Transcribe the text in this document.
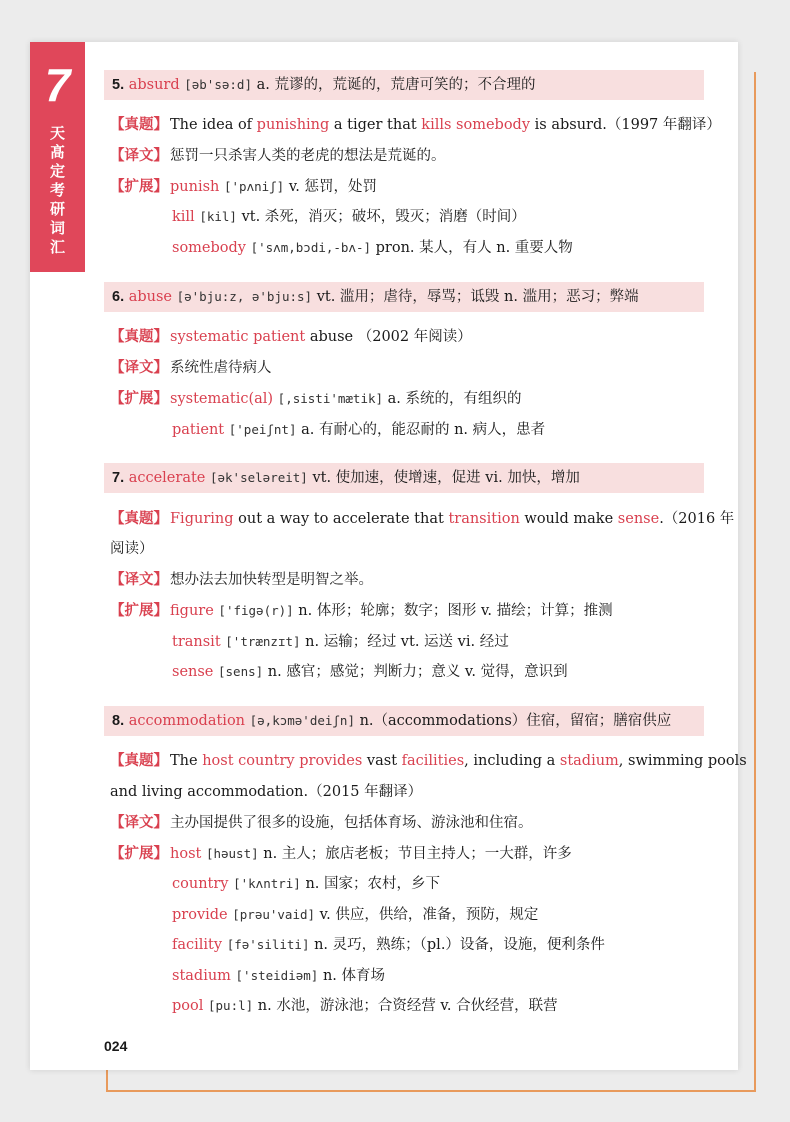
7
天
髙
定
考
研
词
汇
5. absurd [əb'sə:d] a. 荒谬的，荒诞的，荒唐可笑的；不合理的
【真题】 The idea of punishing a tiger that kills somebody is absurd.（1997 年翻译）
【译文】 惩罚一只杀害人类的老虎的想法是荒诞的。
【扩展】 punish ['pʌniʃ] v. 惩罚，处罚
kill [kil] vt. 杀死，消灭；破坏，毁灭；消磨（时间）
somebody ['sʌm,bɔdi,-bʌ-] pron. 某人，有人 n. 重要人物
6. abuse [ə'bju:z, ə'bju:s] vt. 滥用；虐待，辱骂；诋毁 n. 滥用；恶习；弊端
【真题】 systematic patient abuse （2002 年阅读）
【译文】 系统性虐待病人
【扩展】 systematic(al) [,sisti'mætik] a. 系统的，有组织的
patient ['peiʃnt] a. 有耐心的，能忍耐的 n. 病人，患者
7. accelerate [ək'seləreit] vt. 使加速，使增速，促进 vi. 加快，增加
【真题】 Figuring out a way to accelerate that transition would make sense.（2016 年
阅读）
【译文】 想办法去加快转型是明智之举。
【扩展】 figure ['figə(r)] n. 体形；轮廓；数字；图形 v. 描绘；计算；推测
transit ['trænzɪt] n. 运输；经过 vt. 运送 vi. 经过
sense [sens] n. 感官；感觉；判断力；意义 v. 觉得，意识到
8. accommodation [ə,kɔmə'deiʃn] n.（accommodations）住宿，留宿；膳宿供应
【真题】 The host country provides vast facilities, including a stadium, swimming pools
and living accommodation.（2015 年翻译）
【译文】 主办国提供了很多的设施，包括体育场、游泳池和住宿。
【扩展】 host [həust] n. 主人；旅店老板；节目主持人；一大群，许多
country ['kʌntri] n. 国家；农村，乡下
provide [prəu'vaid] v. 供应，供给，准备，预防，规定
facility [fə'siliti] n. 灵巧，熟练；（pl.）设备，设施，便利条件
stadium ['steidiəm] n. 体育场
pool [pu:l] n. 水池，游泳池；合资经营 v. 合伙经营，联营
024
